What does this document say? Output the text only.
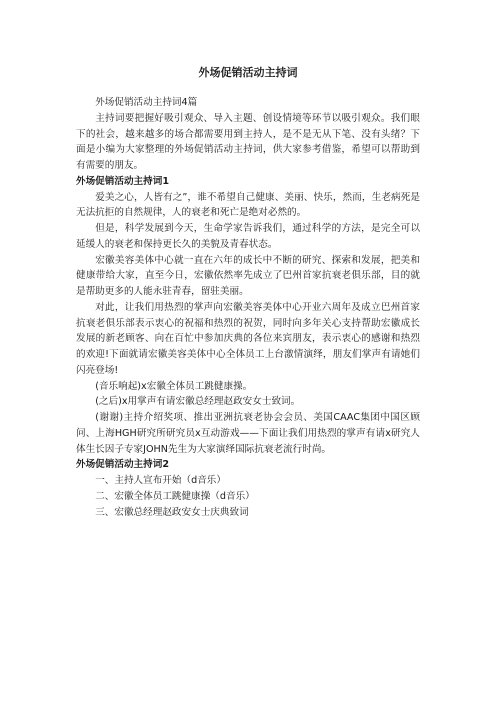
外场促销活动主持词

外场促销活动主持词4篇

主持词要把握好吸引观众、导入主题、创设情境等环节以吸引观众。我们眼下的社会，越来越多的场合都需要用到主持人，是不是无从下笔、没有头绪？下面是小编为大家整理的外场促销活动主持词，供大家参考借鉴，希望可以帮助到有需要的朋友。

外场促销活动主持词1

爱美之心，人皆有之”，谁不希望自己健康、美丽、快乐，然而，生老病死是无法抗拒的自然规律，人的衰老和死亡是绝对必然的。

但是，科学发展到今天，生命学家告诉我们，通过科学的方法，是完全可以延缓人的衰老和保持更长久的美貌及青春状态。

宏徽美容美体中心就一直在六年的成长中不断的研究、探索和发展，把美和健康带给大家，直至今日，宏徽依然率先成立了巴州首家抗衰老俱乐部，目的就是帮助更多的人能永驻青春，留驻美丽。

对此，让我们用热烈的掌声向宏徽美容美体中心开业六周年及成立巴州首家抗衰老俱乐部表示衷心的祝福和热烈的祝贺，同时向多年关心支持帮助宏徽成长发展的新老顾客、向在百忙中参加庆典的各位来宾朋友，表示衷心的感谢和热烈的欢迎!下面就请宏徽美容美体中心全体员工上台激情演绎，朋友们掌声有请她们闪亮登场!

(音乐响起)x宏徽全体员工跳健康操。

(之后)x用掌声有请宏徽总经理赵政安女士致词。

(谢谢)主持介绍奖项、推出亚洲抗衰老协会会员、美国CAAC集团中国区顾问、上海HGH研究所研究员x互动游戏——下面让我们用热烈的掌声有请x研究人体生长因子专家JOHN先生为大家演绎国际抗衰老流行时尚。

外场促销活动主持词2

一、主持人宣布开始（d音乐）

二、宏徽全体员工跳健康操（d音乐）

三、宏徽总经理赵政安女士庆典致词
